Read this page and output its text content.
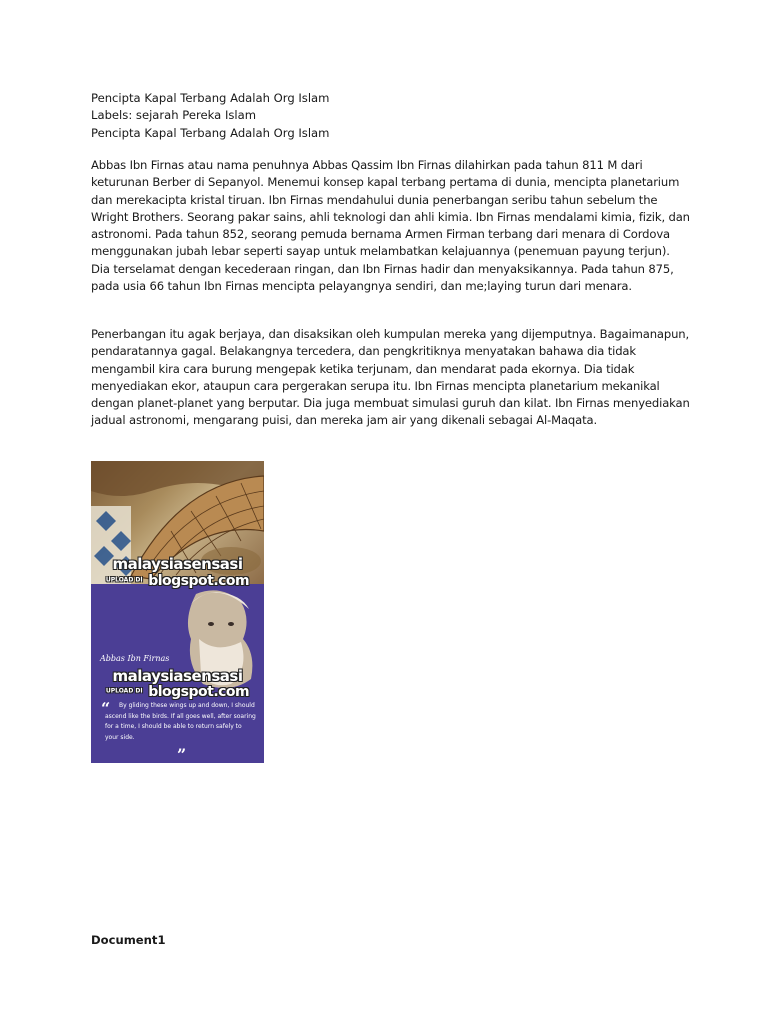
Pencipta Kapal Terbang Adalah Org Islam
Labels: sejarah Pereka Islam
Pencipta Kapal Terbang Adalah Org Islam

Abbas Ibn Firnas atau nama penuhnya Abbas Qassim Ibn Firnas dilahirkan pada tahun 811 M dari keturunan Berber di Sepanyol. Menemui konsep kapal terbang pertama di dunia, mencipta planetarium dan merekacipta kristal tiruan. Ibn Firnas mendahului dunia penerbangan seribu tahun sebelum the Wright Brothers. Seorang pakar sains, ahli teknologi dan ahli kimia. Ibn Firnas mendalami kimia, fizik, dan astronomi. Pada tahun 852, seorang pemuda bernama Armen Firman terbang dari menara di Cordova menggunakan jubah lebar seperti sayap untuk melambatkan kelajuannya (penemuan payung terjun). Dia terselamat dengan kecederaan ringan, dan Ibn Firnas hadir dan menyaksikannya. Pada tahun 875, pada usia 66 tahun Ibn Firnas mencipta pelayangnya sendiri, dan me;laying turun dari menara.

Penerbangan itu agak berjaya, dan disaksikan oleh kumpulan mereka yang dijemputnya. Bagaimanapun, pendaratannya gagal. Belakangnya tercedera, dan pengkritiknya menyatakan bahawa dia tidak mengambil kira cara burung mengepak ketika terjunam, dan mendarat pada ekornya. Dia tidak menyediakan ekor, ataupun cara pergerakan serupa itu. Ibn Firnas mencipta planetarium mekanikal dengan planet-planet yang berputar. Dia juga membuat simulasi guruh dan kilat. Ibn Firnas menyediakan jadual astronomi, mengarang puisi, dan mereka jam air yang dikenali sebagai Al-Maqata.

malaysiasensasi
UPLOAD DI blogspot.com
Abbas Ibn Firnas
malaysiasensasi
UPLOAD DI blogspot.com
“	By gliding these wings up and down, I should ascend like the birds. If all goes well, after soaring for a time, I should be able to return safely to your side.
”
Document1
